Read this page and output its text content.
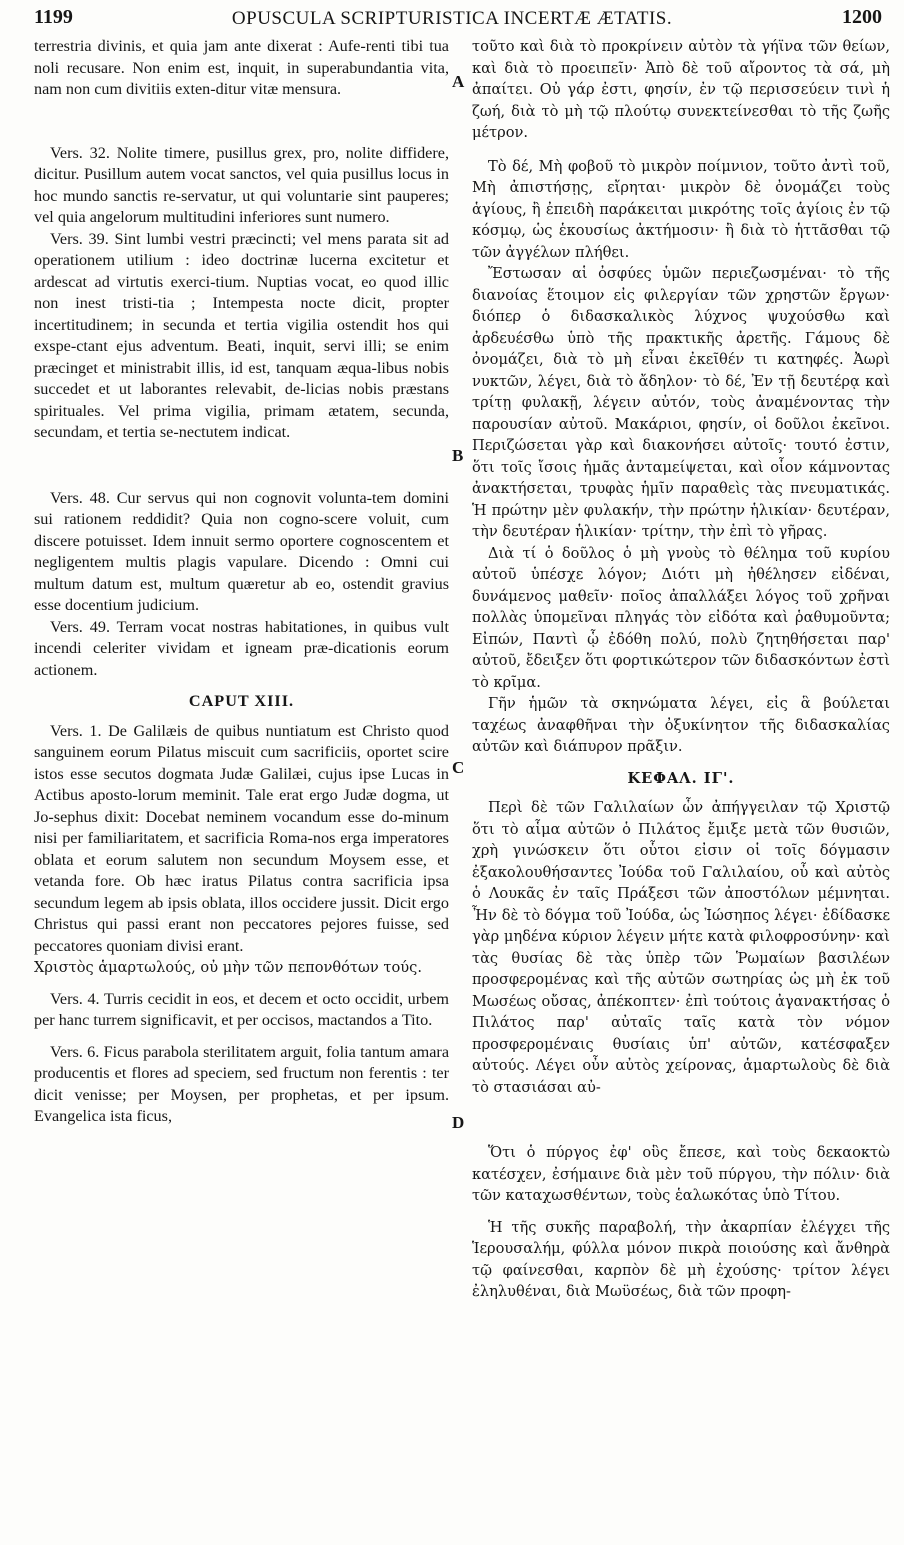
1199	OPUSCULA SCRIPTURISTICA INCERTÆ ÆTATIS.	1200
A
B
C
D

terrestria divinis, et quia jam ante dixerat : Aufe-renti tibi tua noli recusare. Non enim est, inquit, in superabundantia vita, nam non cum divitiis exten-ditur vitæ mensura.

Vers. 32. Nolite timere, pusillus grex, pro, nolite diffidere, dicitur. Pusillum autem vocat sanctos, vel quia pusillus locus in hoc mundo sanctis re-servatur, ut qui voluntarie sint pauperes; vel quia angelorum multitudini inferiores sunt numero.

Vers. 39. Sint lumbi vestri præcincti; vel mens parata sit ad operationem utilium : ideo doctrinæ lucerna excitetur et ardescat ad virtutis exerci-tium. Nuptias vocat, eo quod illic non inest tristi-tia ; Intempesta nocte dicit, propter incertitudinem; in secunda et tertia vigilia ostendit hos qui exspe-ctant ejus adventum. Beati, inquit, servi illi; se enim præcinget et ministrabit illis, id est, tanquam æqua-libus nobis succedet et ut laborantes relevabit, de-licias nobis præstans spirituales. Vel prima vigilia, primam ætatem, secunda, secundam, et tertia se-nectutem indicat.

Vers. 48. Cur servus qui non cognovit volunta-tem domini sui rationem reddidit? Quia non cogno-scere voluit, cum discere potuisset. Idem innuit sermo oportere cognoscentem et negligentem multis plagis vapulare. Dicendo : Omni cui multum datum est, multum quæretur ab eo, ostendit gravius esse docentium judicium.

Vers. 49. Terram vocat nostras habitationes, in quibus vult incendi celeriter vividam et igneam præ-dicationis eorum actionem.

CAPUT XIII.

Vers. 1. De Galilæis de quibus nuntiatum est Christo quod sanguinem eorum Pilatus miscuit cum sacrificiis, oportet scire istos esse secutos dogmata Judæ Galilæi, cujus ipse Lucas in Actibus aposto-lorum meminit. Tale erat ergo Judæ dogma, ut Jo-sephus dixit: Docebat neminem vocandum esse do-minum nisi per familiaritatem, et sacrificia Roma-nos erga imperatores oblata et eorum salutem non secundum Moysem esse, et vetanda fore. Ob hæc iratus Pilatus contra sacrificia ipsa secundum legem ab ipsis oblata, illos occidere jussit. Dicit ergo Christus qui passi erant non peccatores pejores fuisse, sed peccatores quoniam divisi erant.

Χριστὸς ἁμαρτωλούς, οὐ μὴν τῶν πεπονθότων τούς.

Vers. 4. Turris cecidit in eos, et decem et octo occidit, urbem per hanc turrem significavit, et per occisos, mactandos a Tito.

Vers. 6. Ficus parabola sterilitatem arguit, folia tantum amara producentis et flores ad speciem, sed fructum non ferentis : ter dicit venisse; per Moysen, per prophetas, et per ipsum. Evangelica ista ficus,

τοῦτο καὶ διὰ τὸ προκρίνειν αὐτὸν τὰ γήϊνα τῶν θείων, καὶ διὰ τὸ προειπεῖν· Ἀπὸ δὲ τοῦ αἴροντος τὰ σά, μὴ ἀπαίτει. Οὐ γάρ ἐστι, φησίν, ἐν τῷ περισσεύειν τινὶ ἡ ζωή, διὰ τὸ μὴ τῷ πλούτῳ συνεκτείνεσθαι τὸ τῆς ζωῆς μέτρον.

Τὸ δέ, Μὴ φοβοῦ τὸ μικρὸν ποίμνιον, τοῦτο ἀντὶ τοῦ, Μὴ ἀπιστήσῃς, εἴρηται· μικρὸν δὲ ὀνομάζει τοὺς ἁγίους, ἢ ἐπειδὴ παράκειται μικρότης τοῖς ἁγίοις ἐν τῷ κόσμῳ, ὡς ἑκουσίως ἀκτήμοσιν· ἢ διὰ τὸ ἡττᾶσθαι τῷ τῶν ἀγγέλων πλήθει.

Ἔστωσαν αἱ ὀσφύες ὑμῶν περιεζωσμέναι· τὸ τῆς διανοίας ἕτοιμον εἰς φιλεργίαν τῶν χρηστῶν ἔργων· διόπερ ὁ διδασκαλικὸς λύχνος ψυχούσθω καὶ ἀρδευέσθω ὑπὸ τῆς πρακτικῆς ἀρετῆς. Γάμους δὲ ὀνομάζει, διὰ τὸ μὴ εἶναι ἐκεῖθέν τι κατηφές. Ἀωρὶ νυκτῶν, λέγει, διὰ τὸ ἄδηλον· τὸ δέ, Ἐν τῇ δευτέρᾳ καὶ τρίτῃ φυλακῇ, λέγειν αὐτόν, τοὺς ἀναμένοντας τὴν παρουσίαν αὐτοῦ. Μακάριοι, φησίν, οἱ δοῦλοι ἐκεῖνοι. Περιζώσεται γὰρ καὶ διακονήσει αὐτοῖς· τουτό ἐστιν, ὅτι τοῖς ἴσοις ἡμᾶς ἀνταμείψεται, καὶ οἷον κάμνοντας ἀνακτήσεται, τρυφὰς ἡμῖν παραθεὶς τὰς πνευματικάς. Ἡ πρώτην μὲν φυλακήν, τὴν πρώτην ἡλικίαν· δευτέραν, τὴν δευτέραν ἡλικίαν· τρίτην, τὴν ἐπὶ τὸ γῆρας.

Διὰ τί ὁ δοῦλος ὁ μὴ γνοὺς τὸ θέλημα τοῦ κυρίου αὐτοῦ ὑπέσχε λόγον; Διότι μὴ ἠθέλησεν εἰδέναι, δυνάμενος μαθεῖν· ποῖος ἀπαλλάξει λόγος τοῦ χρῆναι πολλὰς ὑπομεῖναι πληγάς τὸν εἰδότα καὶ ῥαθυμοῦντα; Εἰπών, Παντὶ ᾧ ἐδόθη πολύ, πολὺ ζητηθήσεται παρ' αὐτοῦ, ἔδειξεν ὅτι φορτικώτερον τῶν διδασκόντων ἐστὶ τὸ κρῖμα.

Γῆν ἡμῶν τὰ σκηνώματα λέγει, εἰς ἃ βούλεται ταχέως ἀναφθῆναι τὴν ὀξυκίνητον τῆς διδασκαλίας αὐτῶν καὶ διάπυρον πρᾶξιν.

ΚΕΦΑΛ. ΙΓ'.

Περὶ δὲ τῶν Γαλιλαίων ὧν ἀπήγγειλαν τῷ Χριστῷ ὅτι τὸ αἷμα αὐτῶν ὁ Πιλάτος ἔμιξε μετὰ τῶν θυσιῶν, χρὴ γινώσκειν ὅτι οὗτοι εἰσιν οἱ τοῖς δόγμασιν ἐξακολουθήσαντες Ἰούδα τοῦ Γαλιλαίου, οὗ καὶ αὐτὸς ὁ Λουκᾶς ἐν ταῖς Πράξεσι τῶν ἀποστόλων μέμνηται. Ἦν δὲ τὸ δόγμα τοῦ Ἰούδα, ὡς Ἰώσηπος λέγει· ἐδίδασκε γὰρ μηδένα κύριον λέγειν μήτε κατὰ φιλοφροσύνην· καὶ τὰς θυσίας δὲ τὰς ὑπὲρ τῶν Ῥωμαίων βασιλέων προσφερομένας καὶ τῆς αὐτῶν σωτηρίας ὡς μὴ ἐκ τοῦ Μωσέως οὔσας, ἀπέκοπτεν· ἐπὶ τούτοις ἀγανακτήσας ὁ Πιλάτος παρ' αὐταῖς ταῖς κατὰ τὸν νόμον προσφερομέναις θυσίαις ὑπ' αὐτῶν, κατέσφαξεν αὐτούς. Λέγει οὖν αὐτὸς χείρονας, ἁμαρτωλοὺς δὲ διὰ τὸ στασιάσαι αὐ-

Ὅτι ὁ πύργος ἐφ' οὓς ἔπεσε, καὶ τοὺς δεκαοκτὼ κατέσχεν, ἐσήμαινε διὰ μὲν τοῦ πύργου, τὴν πόλιν· διὰ τῶν καταχωσθέντων, τοὺς ἑαλωκότας ὑπὸ Τίτου.

Ἡ τῆς συκῆς παραβολή, τὴν ἀκαρπίαν ἐλέγχει τῆς Ἱερουσαλήμ, φύλλα μόνον πικρὰ ποιούσης καὶ ἄνθηρὰ τῷ φαίνεσθαι, καρπὸν δὲ μὴ ἐχούσης· τρίτον λέγει ἐληλυθέναι, διὰ Μωϋσέως, διὰ τῶν προφη-
